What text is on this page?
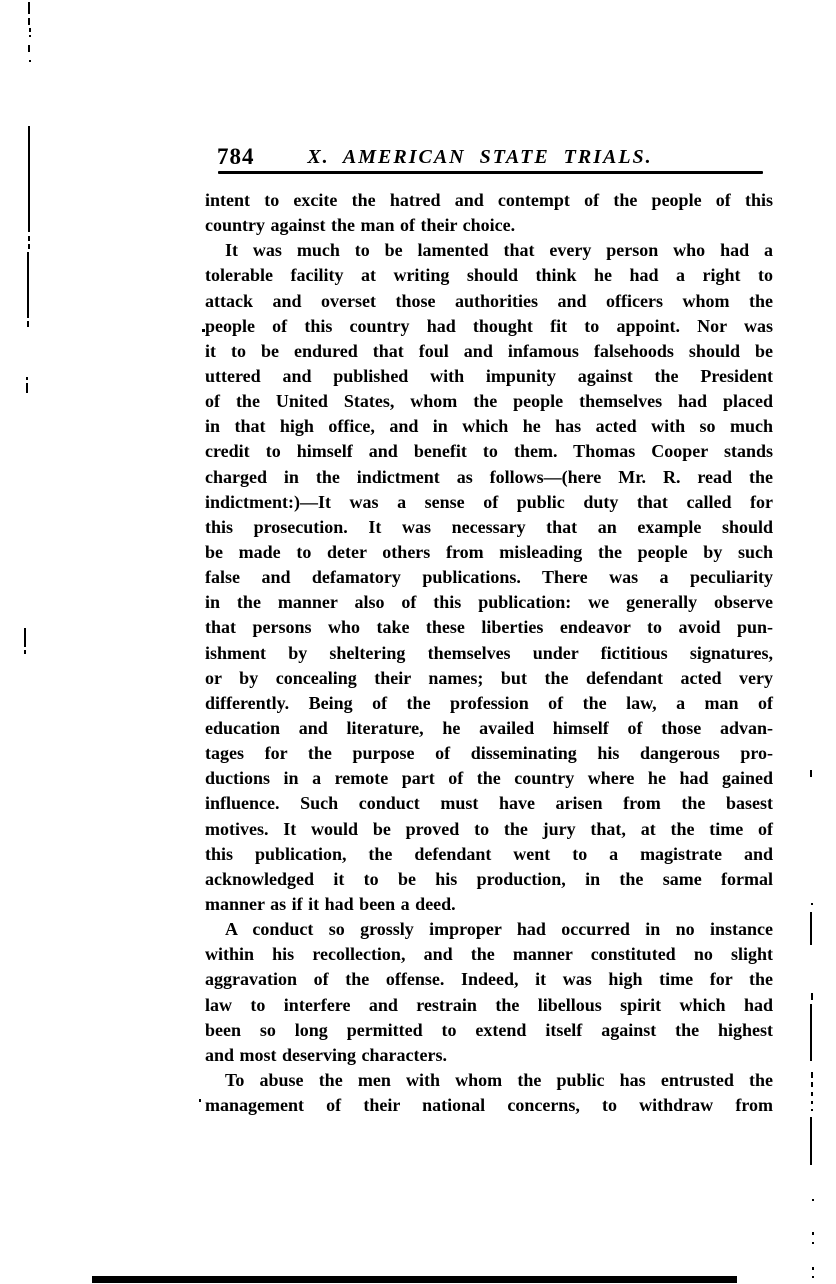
784	X. AMERICAN STATE TRIALS.
intent to excite the hatred and contempt of the people of this
country against the man of their choice.
It was much to be lamented that every person who had a
tolerable facility at writing should think he had a right to
attack and overset those authorities and officers whom the
people of this country had thought fit to appoint. Nor was
it to be endured that foul and infamous falsehoods should be
uttered and published with impunity against the President
of the United States, whom the people themselves had placed
in that high office, and in which he has acted with so much
credit to himself and benefit to them. Thomas Cooper stands
charged in the indictment as follows—(here Mr. R. read the
indictment:)—It was a sense of public duty that called for
this prosecution. It was necessary that an example should
be made to deter others from misleading the people by such
false and defamatory publications. There was a peculiarity
in the manner also of this publication: we generally observe
that persons who take these liberties endeavor to avoid pun-
ishment by sheltering themselves under fictitious signatures,
or by concealing their names; but the defendant acted very
differently. Being of the profession of the law, a man of
education and literature, he availed himself of those advan-
tages for the purpose of disseminating his dangerous pro-
ductions in a remote part of the country where he had gained
influence. Such conduct must have arisen from the basest
motives. It would be proved to the jury that, at the time of
this publication, the defendant went to a magistrate and
acknowledged it to be his production, in the same formal
manner as if it had been a deed.
A conduct so grossly improper had occurred in no instance
within his recollection, and the manner constituted no slight
aggravation of the offense. Indeed, it was high time for the
law to interfere and restrain the libellous spirit which had
been so long permitted to extend itself against the highest
and most deserving characters.
To abuse the men with whom the public has entrusted the
management of their national concerns, to withdraw from
